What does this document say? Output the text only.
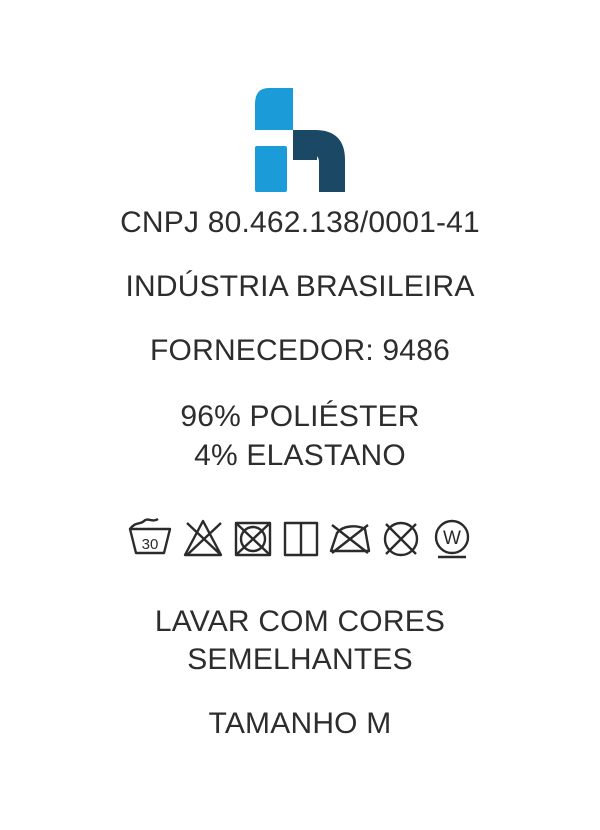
CNPJ 80.462.138/0001-41
INDÚSTRIA BRASILEIRA
FORNECEDOR: 9486
96% POLIÉSTER
4% ELASTANO
30	W
LAVAR COM CORES
SEMELHANTES
TAMANHO M
